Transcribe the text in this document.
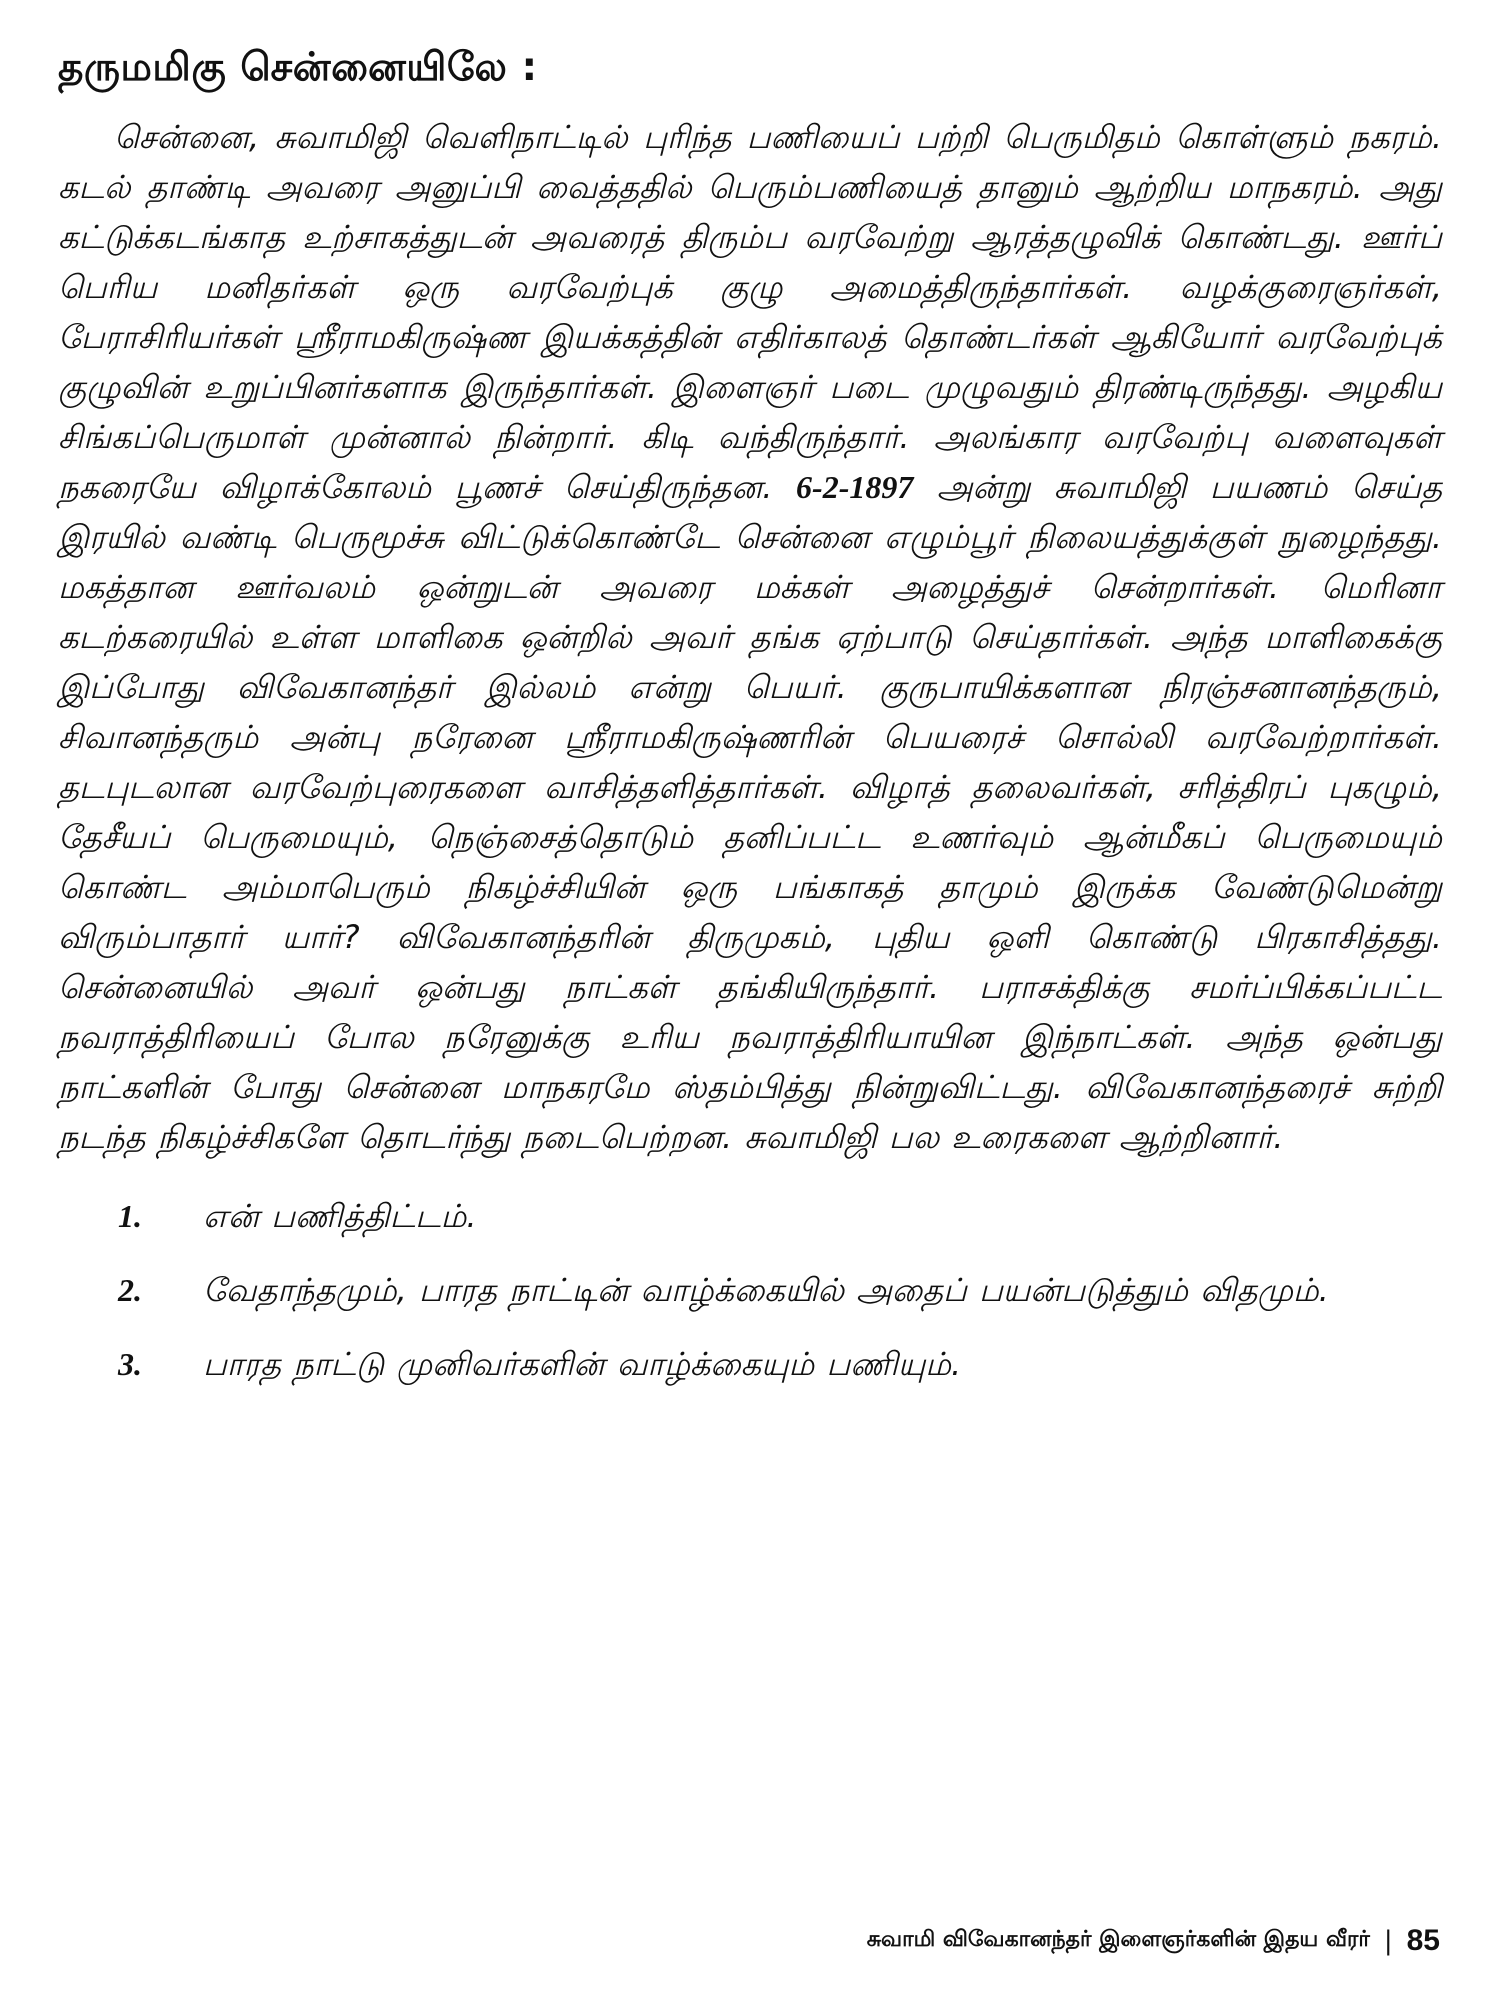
தருமமிகு சென்னையிலே :

சென்னை, சுவாமிஜி வெளிநாட்டில் புரிந்த பணியைப் பற்றி பெருமிதம் கொள்ளும் நகரம். கடல் தாண்டி அவரை அனுப்பி வைத்ததில் பெரும்பணியைத் தானும் ஆற்றிய மாநகரம். அது கட்டுக்கடங்காத உற்சாகத்துடன் அவரைத் திரும்ப வரவேற்று ஆரத்தழுவிக் கொண்டது. ஊர்ப் பெரிய மனிதர்கள் ஒரு வரவேற்புக் குழு அமைத்திருந்தார்கள். வழக்குரைஞர்கள், பேராசிரியர்கள் ஸ்ரீராமகிருஷ்ண இயக்கத்தின் எதிர்காலத் தொண்டர்கள் ஆகியோர் வரவேற்புக் குழுவின் உறுப்பினர்களாக இருந்தார்கள். இளைஞர் படை முழுவதும் திரண்டிருந்தது. அழகிய சிங்கப்பெருமாள் முன்னால் நின்றார். கிடி வந்திருந்தார். அலங்கார வரவேற்பு வளைவுகள் நகரையே விழாக்கோலம் பூணச் செய்திருந்தன. 6-2-1897 அன்று சுவாமிஜி பயணம் செய்த இரயில் வண்டி பெருமூச்சு விட்டுக்கொண்டே சென்னை எழும்பூர் நிலையத்துக்குள் நுழைந்தது. மகத்தான ஊர்வலம் ஒன்றுடன் அவரை மக்கள் அழைத்துச் சென்றார்கள். மெரினா கடற்கரையில் உள்ள மாளிகை ஒன்றில் அவர் தங்க ஏற்பாடு செய்தார்கள். அந்த மாளிகைக்கு இப்போது விவேகானந்தர் இல்லம் என்று பெயர். குருபாயிக்களான நிரஞ்சனானந்தரும், சிவானந்தரும் அன்பு நரேனை ஸ்ரீராமகிருஷ்ணரின் பெயரைச் சொல்லி வரவேற்றார்கள். தடபுடலான வரவேற்புரைகளை வாசித்தளித்தார்கள். விழாத் தலைவர்கள், சரித்திரப் புகழும், தேசீயப் பெருமையும், நெஞ்சைத்தொடும் தனிப்பட்ட உணர்வும் ஆன்மீகப் பெருமையும் கொண்ட அம்மாபெரும் நிகழ்ச்சியின் ஒரு பங்காகத் தாமும் இருக்க வேண்டுமென்று விரும்பாதார் யார்? விவேகானந்தரின் திருமுகம், புதிய ஒளி கொண்டு பிரகாசித்தது. சென்னையில் அவர் ஒன்பது நாட்கள் தங்கியிருந்தார். பராசக்திக்கு சமர்ப்பிக்கப்பட்ட நவராத்திரியைப் போல நரேனுக்கு உரிய நவராத்திரியாயின இந்நாட்கள். அந்த ஒன்பது நாட்களின் போது சென்னை மாநகரமே ஸ்தம்பித்து நின்றுவிட்டது. விவேகானந்தரைச் சுற்றி நடந்த நிகழ்ச்சிகளே தொடர்ந்து நடைபெற்றன. சுவாமிஜி பல உரைகளை ஆற்றினார்.

1.	என் பணித்திட்டம்.
2.	வேதாந்தமும், பாரத நாட்டின் வாழ்க்கையில் அதைப் பயன்படுத்தும் விதமும்.
3.	பாரத நாட்டு முனிவர்களின் வாழ்க்கையும் பணியும்.
சுவாமி விவேகானந்தர் இளைஞர்களின் இதய வீரர் | 85
